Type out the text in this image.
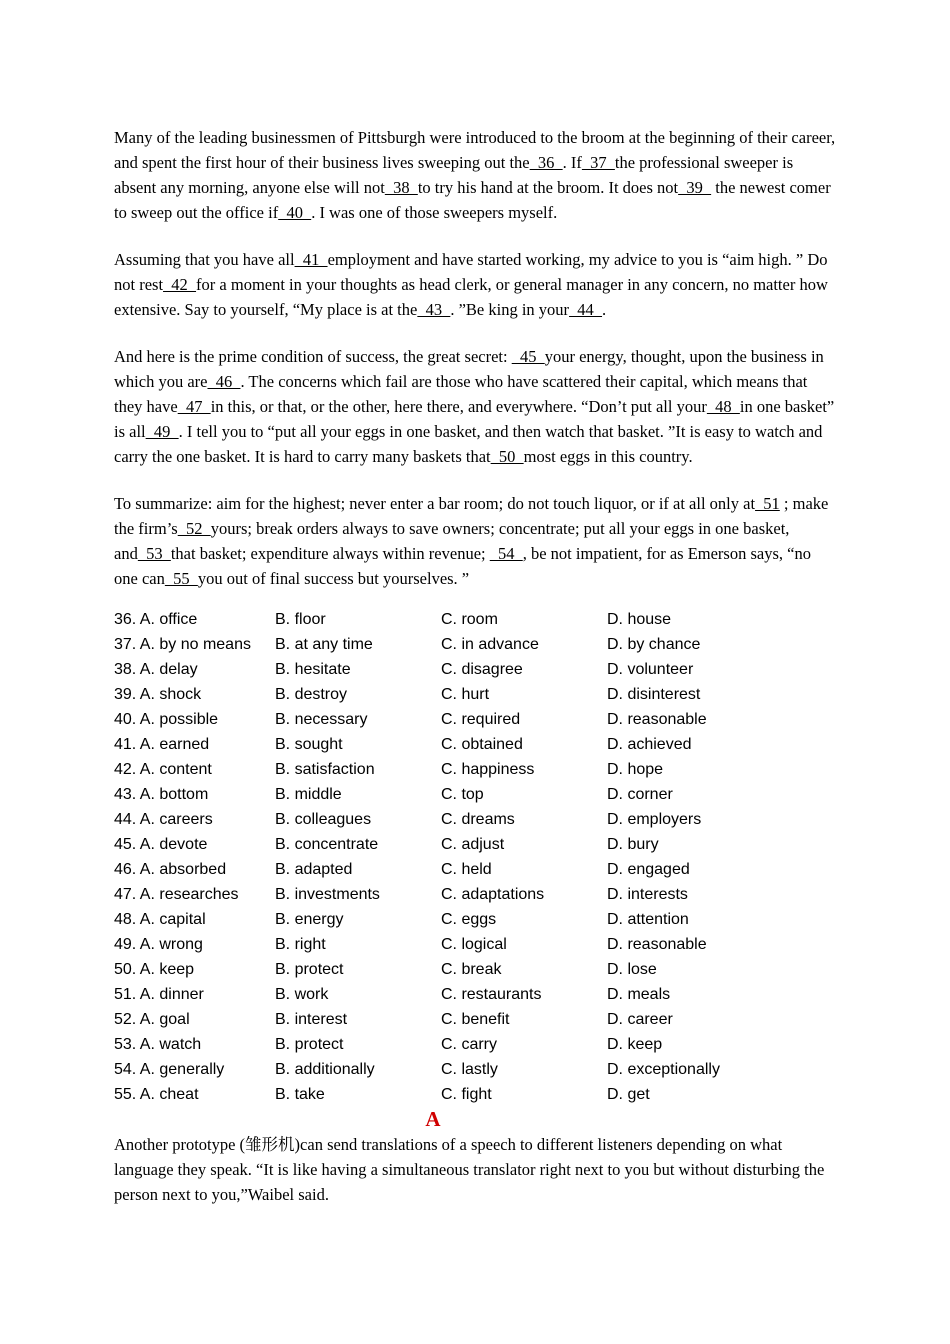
Many of the leading businessmen of Pittsburgh were introduced to the broom at the beginning of their career, and spent the first hour of their business lives sweeping out the  36  . If  37  the professional sweeper is absent any morning, anyone else will not  38  to try his hand at the broom. It does not  39   the newest comer to sweep out the office if  40  . I was one of those sweepers myself.

Assuming that you have all  41  employment and have started working, my advice to you is “aim high. ” Do not rest  42  for a moment in your thoughts as head clerk, or general manager in any concern, no matter how extensive. Say to yourself, “My place is at the  43  . ”Be king in your  44  .

And here is the prime condition of success, the great secret:   45  your energy, thought, upon the business in which you are  46  . The concerns which fail are those who have scattered their capital, which means that they have  47  in this, or that, or the other, here there, and everywhere. “Don’t put all your  48  in one basket” is all  49  . I tell you to “put all your eggs in one basket, and then watch that basket. ”It is easy to watch and carry the one basket. It is hard to carry many baskets that  50  most eggs in this country.

To summarize: aim for the highest; never enter a bar room; do not touch liquor, or if at all only at  51 ; make the firm’s  52  yours; break orders always to save owners; concentrate; put all your eggs in one basket, and  53  that basket; expenditure always within revenue;   54  , be not impatient, for as Emerson says, “no one can  55  you out of final success but yourselves. ”

36. A. office	B. floor	C. room	D. house
37. A. by no means	B. at any time	C. in advance	D. by chance
38. A. delay	B. hesitate	C. disagree	D. volunteer
39. A. shock	B. destroy	C. hurt	D. disinterest
40. A. possible	B. necessary	C. required	D. reasonable
41. A. earned	B. sought	C. obtained	D. achieved
42. A. content	B. satisfaction	C. happiness	D. hope
43. A. bottom	B. middle	C. top	D. corner
44. A. careers	B. colleagues	C. dreams	D. employers
45. A. devote	B. concentrate	C. adjust	D. bury
46. A. absorbed	B. adapted	C. held	D. engaged
47. A. researches	B. investments	C. adaptations	D. interests
48. A. capital	B. energy	C. eggs	D. attention
49. A. wrong	B. right	C. logical	D. reasonable
50. A. keep	B. protect	C. break	D. lose
51. A. dinner	B. work	C. restaurants	D. meals
52. A. goal	B. interest	C. benefit	D. career
53. A. watch	B. protect	C. carry	D. keep
54. A. generally	B. additionally	C. lastly	D. exceptionally
55. A. cheat	B. take	C. fight	D. get
A

Another prototype (雏形机)can send translations of a speech to different listeners depending on what language they speak. “It is like having a simultaneous translator right next to you but without disturbing the person next to you,”Waibel said.
